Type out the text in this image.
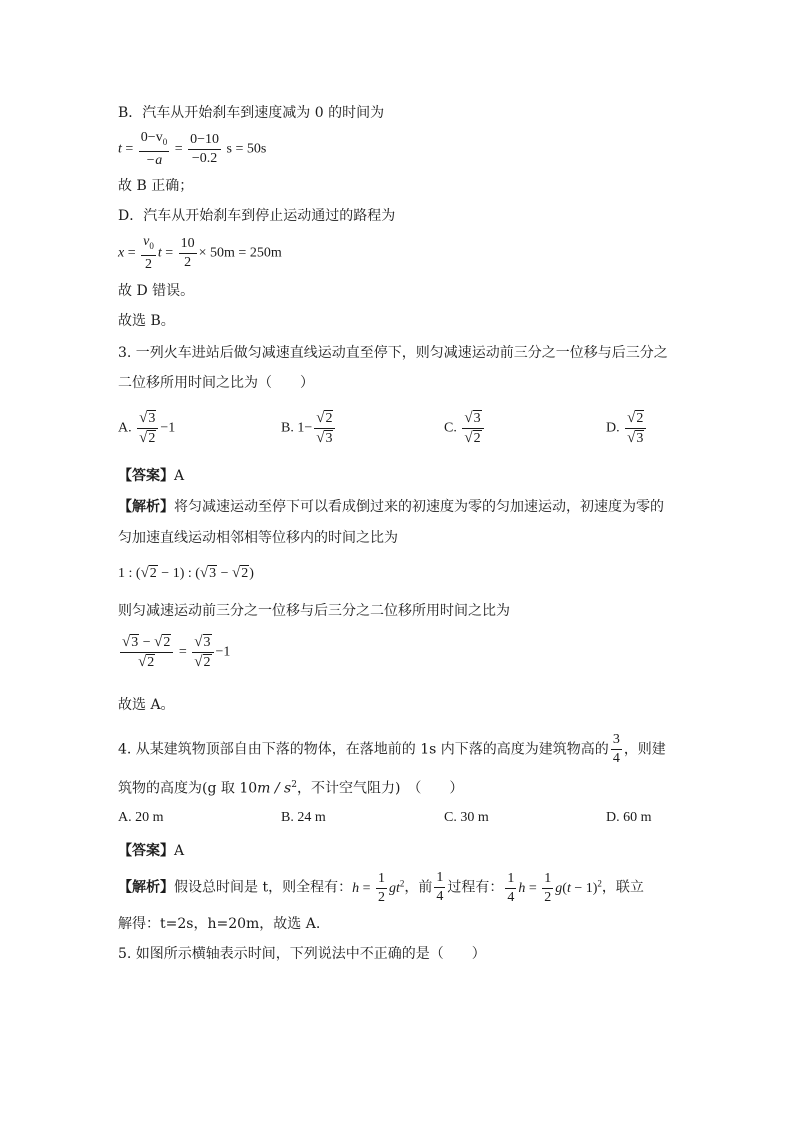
B．汽车从开始刹车到速度减为 0 的时间为
$t = \frac{0-v_0}{-a} = \frac{0-10}{-0.2}$ s = 50s
故 B 正确；
D．汽车从开始刹车到停止运动通过的路程为
$x = \frac{v_0}{2}$ $t = \frac{10}{2} \times 50m = 250m$
故 D 错误。
故选 B。
3. 一列火车进站后做匀减速直线运动直至停下，则匀减速运动前三分之一位移与后三分之
二位移所用时间之比为（　　）
A. $\frac{√3}{√2} -1$	B. $1- \frac{√2}{√3}$	C. $\frac{√3}{√2}$	D. $\frac{√2}{√3}$
【答案】A
【解析】将匀减速运动至停下可以看成倒过来的初速度为零的匀加速运动，初速度为零的
匀加速直线运动相邻相等位移内的时间之比为
1 : (√2 − 1) : (√3 − √2)
则匀减速运动前三分之一位移与后三分之二位移所用时间之比为
$\frac{√3 - √2}{√2} = \frac{√3}{√2} -1$
故选 A。
4. 从某建筑物顶部自由下落的物体，在落地前的 1s 内下落的高度为建筑物高的 $\frac{3}{4}$ ，则建
筑物的高度为(g 取 $10m / s^2$，不计空气阻力)　（　　）
A. 20 m	B. 24 m	C. 30 m	D. 60 m
【答案】A
【解析】假设总时间是 t，则全程有：$h = \frac{1}{2} gt^2$，前 $\frac{1}{4}$ 过程有： $\frac{1}{4}$ $h = \frac{1}{2} g(t - 1)^2$，联立
解得：t=2s，h=20m，故选 A.
5. 如图所示横轴表示时间，下列说法中不正确的是（　　）
